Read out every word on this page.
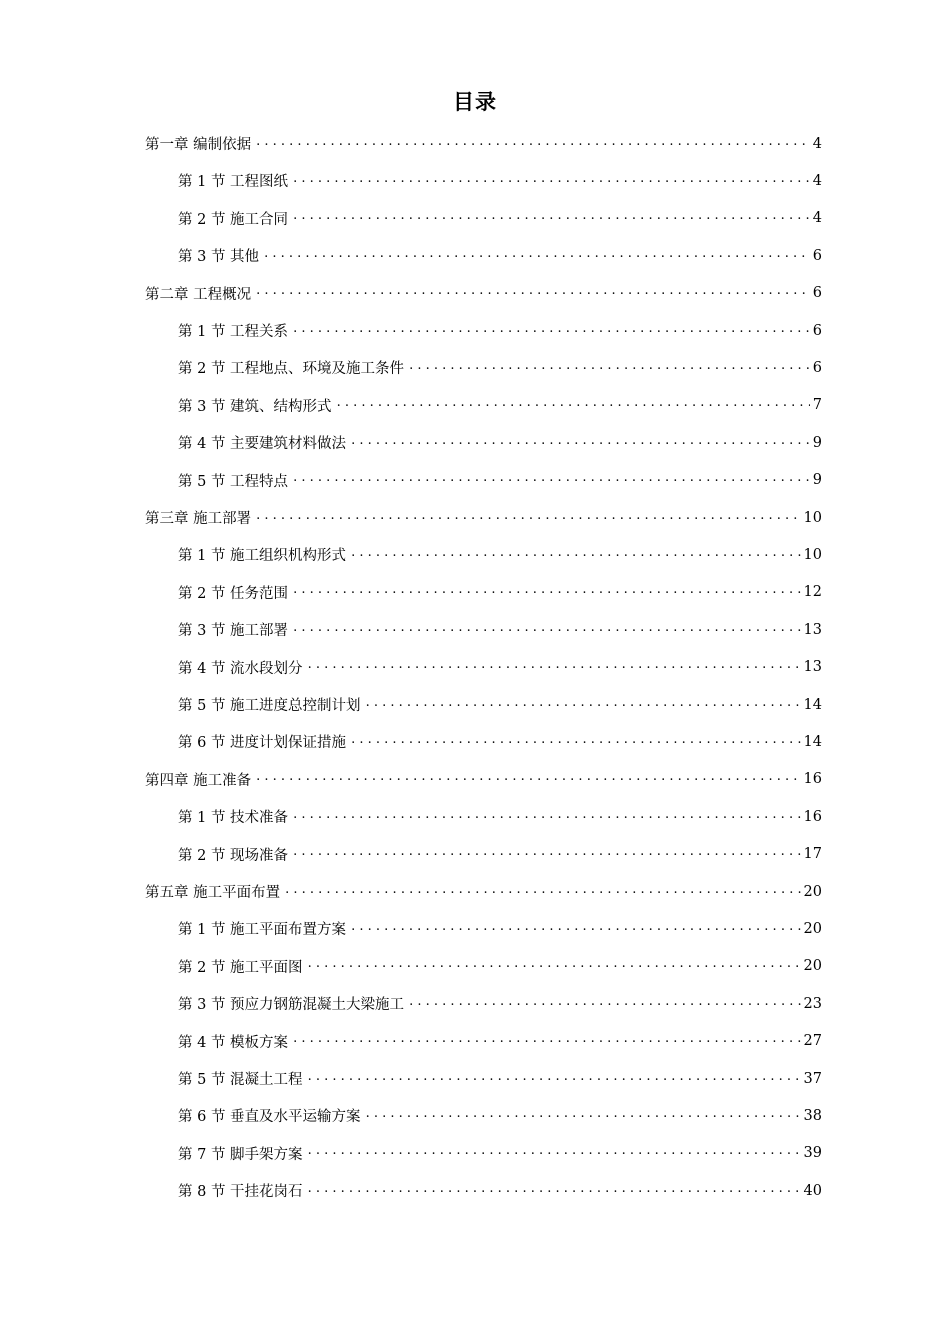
目录
第一章 编制依据 . . .	4
第 1 节 工程图纸 . . .	4
第 2 节 施工合同 . . .	4
第 3 节 其他 . . .	6
第二章 工程概况 . . .	6
第 1 节 工程关系 . . .	6
第 2 节 工程地点、环境及施工条件 . . .	6
第 3 节 建筑、结构形式 . . .	7
第 4 节 主要建筑材料做法 . . .	9
第 5 节 工程特点 . . .	9
第三章 施工部署 . . .	10
第 1 节 施工组织机构形式 . . .	10
第 2 节 任务范围 . . .	12
第 3 节 施工部署 . . .	13
第 4 节 流水段划分 . . .	13
第 5 节 施工进度总控制计划 . . .	14
第 6 节 进度计划保证措施 . . .	14
第四章 施工准备 . . .	16
第 1 节 技术准备 . . .	16
第 2 节 现场准备 . . .	17
第五章 施工平面布置 . . .	20
第 1 节 施工平面布置方案 . . .	20
第 2 节 施工平面图 . . .	20
第 3 节 预应力钢筋混凝土大梁施工 . . .	23
第 4 节 模板方案 . . .	27
第 5 节 混凝土工程 . . .	37
第 6 节 垂直及水平运输方案 . . .	38
第 7 节 脚手架方案 . . .	39
第 8 节 干挂花岗石 . . .	40
